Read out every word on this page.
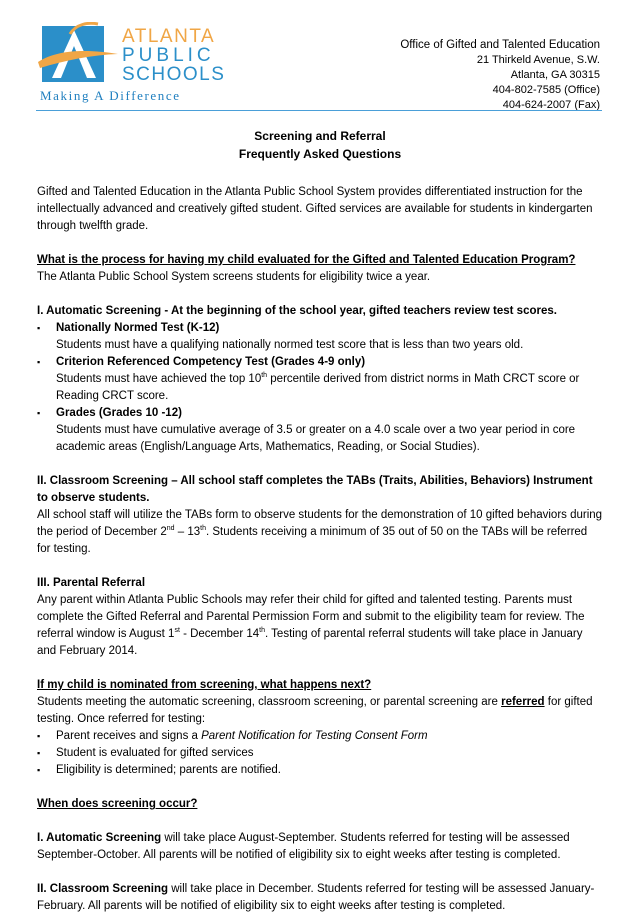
ATLANTA
PUBLIC
SCHOOLS
Making A Difference
Office of Gifted and Talented Education
21 Thirkeld Avenue, S.W.
Atlanta, GA 30315
404-802-7585 (Office)
404-624-2007 (Fax)
Screening and Referral
Frequently Asked Questions

Gifted and Talented Education in the Atlanta Public School System provides differentiated instruction for the intellectually advanced and creatively gifted student. Gifted services are available for students in kindergarten through twelfth grade.

What is the process for having my child evaluated for the Gifted and Talented Education Program?

The Atlanta Public School System screens students for eligibility twice a year.

I. Automatic Screening - At the beginning of the school year, gifted teachers review test scores.

▪ Nationally Normed Test (K-12)
Students must have a qualifying nationally normed test score that is less than two years old.
▪ Criterion Referenced Competency Test (Grades 4-9 only)
Students must have achieved the top 10th percentile derived from district norms in Math CRCT score or Reading CRCT score.
▪ Grades (Grades 10 -12)
Students must have cumulative average of 3.5 or greater on a 4.0 scale over a two year period in core academic areas (English/Language Arts, Mathematics, Reading, or Social Studies).

II. Classroom Screening – All school staff completes the TABs (Traits, Abilities, Behaviors) Instrument to observe students.

All school staff will utilize the TABs form to observe students for the demonstration of 10 gifted behaviors during the period of December 2nd – 13th. Students receiving a minimum of 35 out of 50 on the TABs will be referred for testing.

III. Parental Referral

Any parent within Atlanta Public Schools may refer their child for gifted and talented testing. Parents must complete the Gifted Referral and Parental Permission Form and submit to the eligibility team for review. The referral window is August 1st - December 14th. Testing of parental referral students will take place in January and February 2014.

If my child is nominated from screening, what happens next?

Students meeting the automatic screening, classroom screening, or parental screening are referred for gifted testing. Once referred for testing:

▪ Parent receives and signs a Parent Notification for Testing Consent Form
▪ Student is evaluated for gifted services
▪ Eligibility is determined; parents are notified.

When does screening occur?

I. Automatic Screening will take place August-September. Students referred for testing will be assessed September-October. All parents will be notified of eligibility six to eight weeks after testing is completed.

II. Classroom Screening will take place in December. Students referred for testing will be assessed January-February. All parents will be notified of eligibility six to eight weeks after testing is completed.
